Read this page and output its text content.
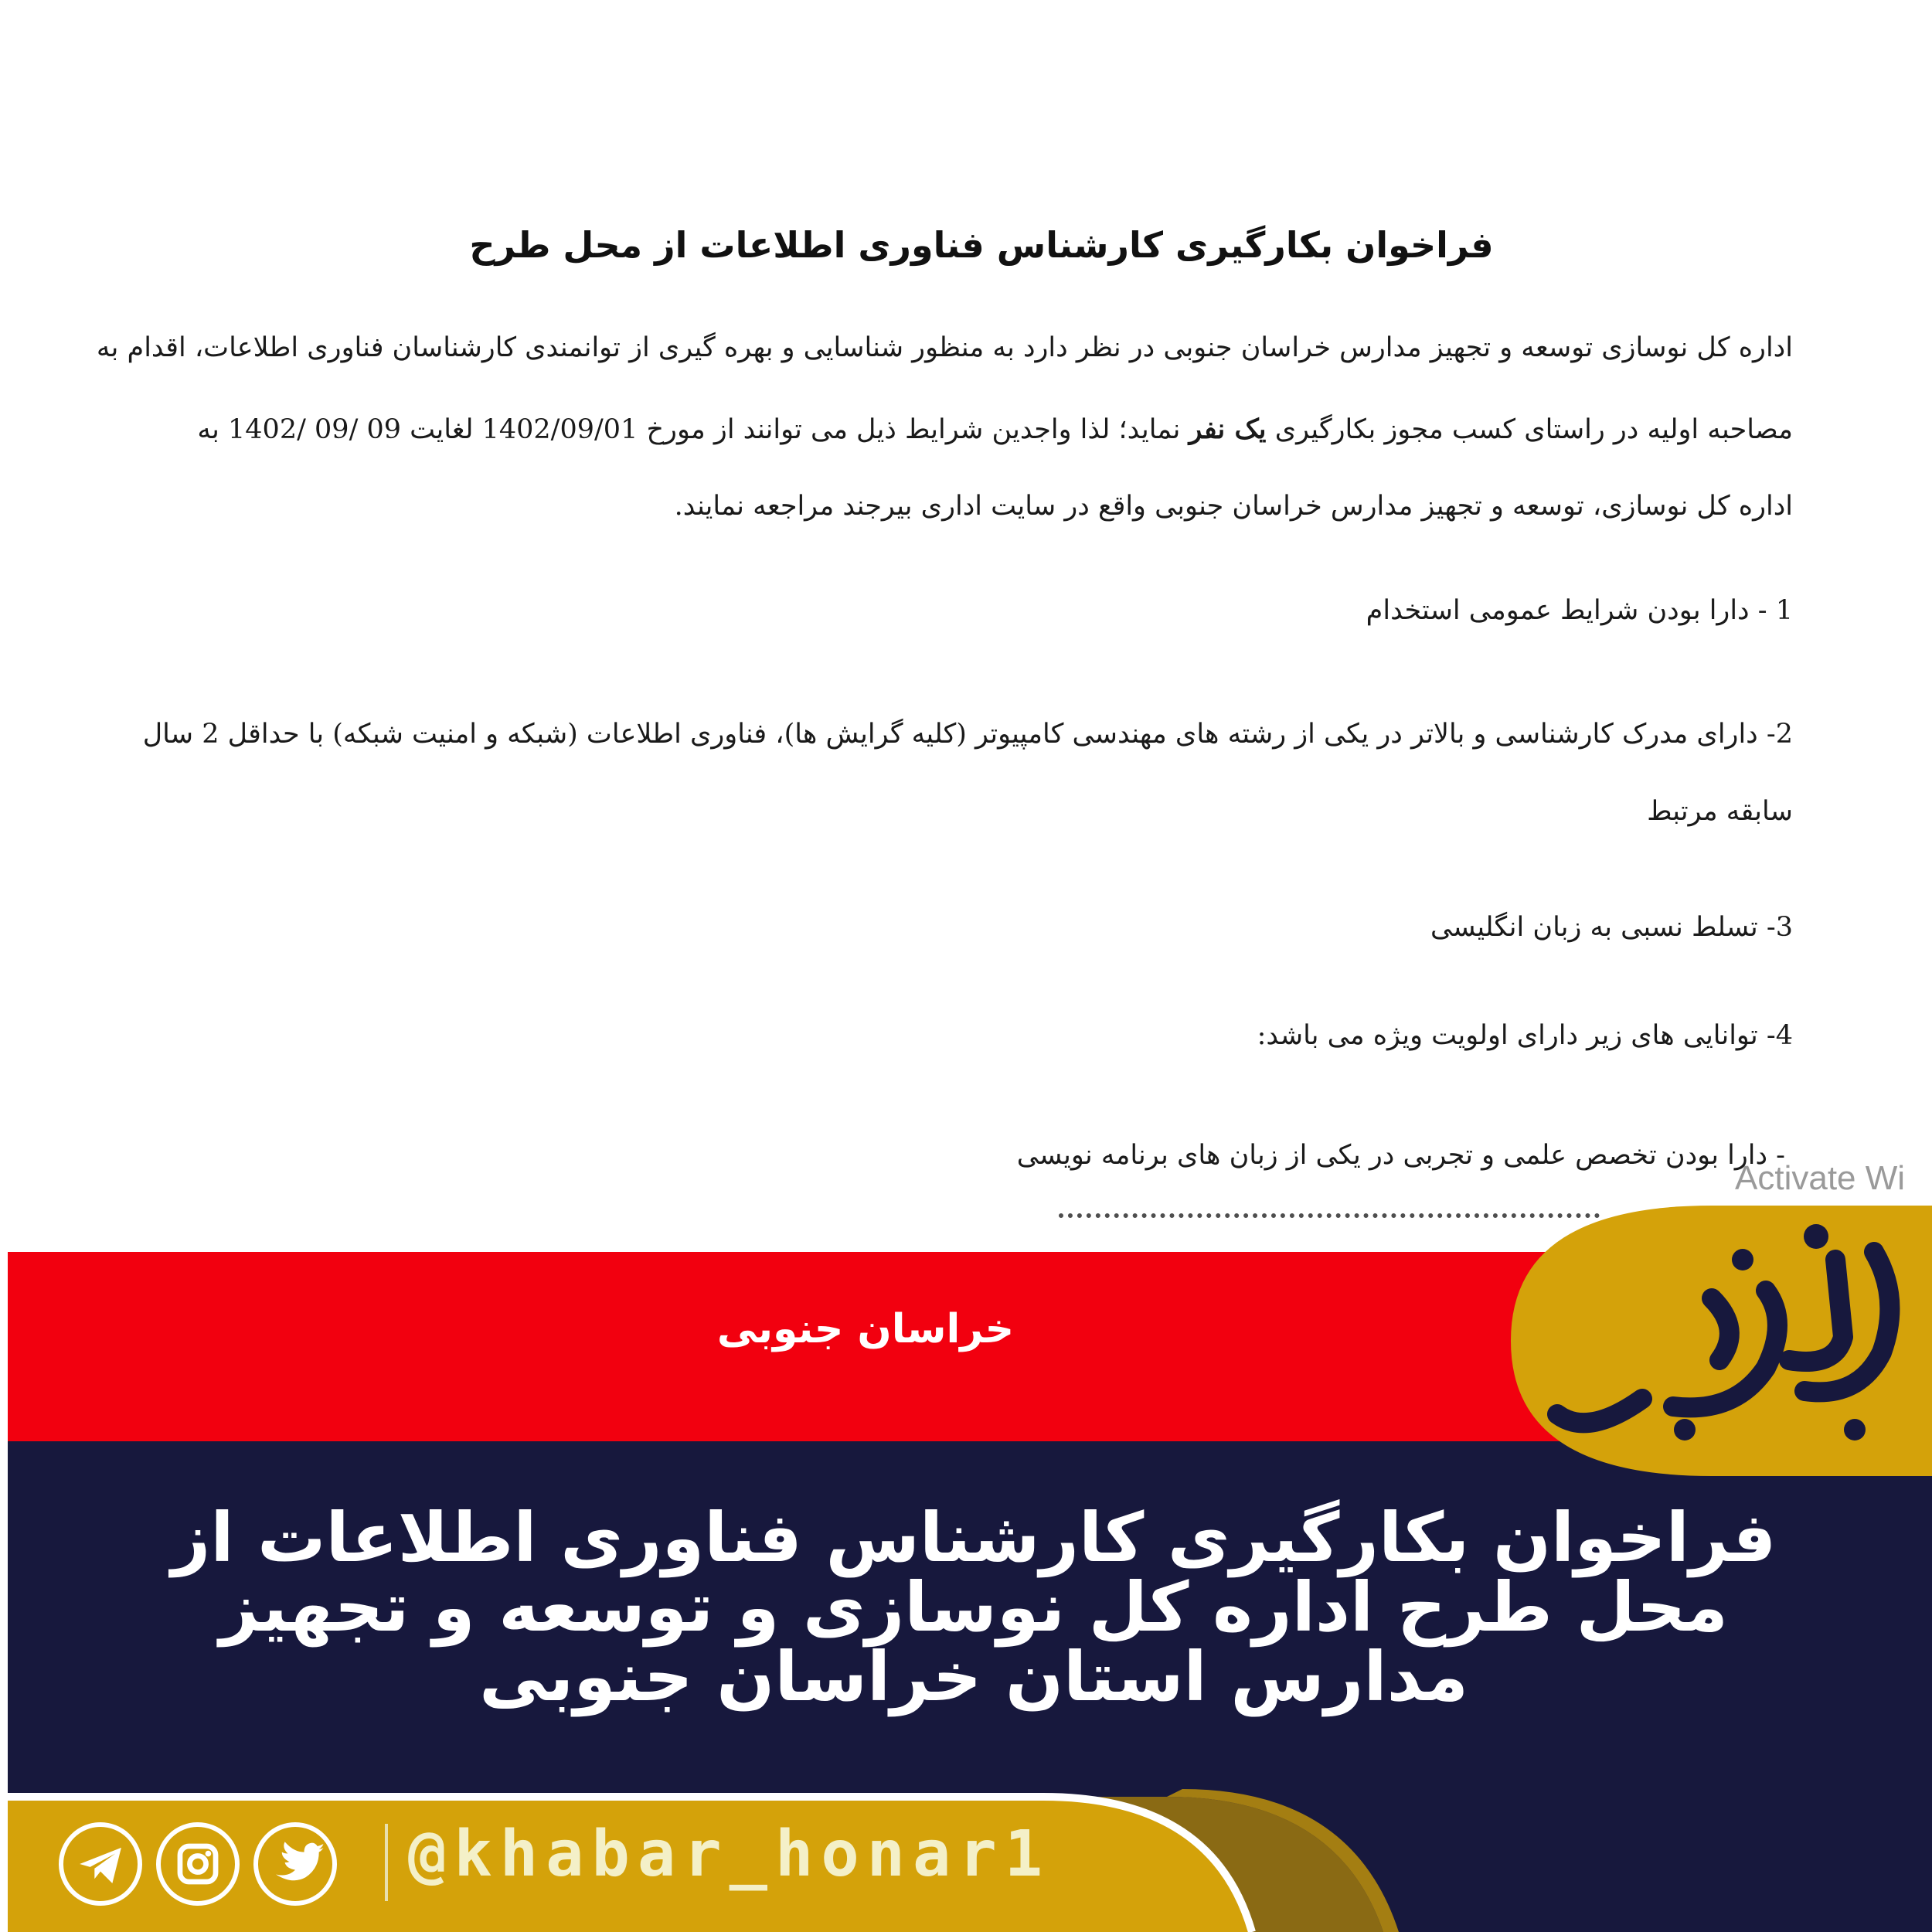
فراخوان بکارگیری کارشناس فناوری اطلاعات از محل طرح
اداره کل نوسازی توسعه و تجهیز مدارس خراسان جنوبی در نظر دارد به منظور شناسایی و بهره گیری از توانمندی کارشناسان فناوری اطلاعات، اقدام به
مصاحبه اولیه در راستای کسب مجوز بکارگیری یک نفر نماید؛ لذا واجدین شرایط ذیل می توانند از مورخ 1402/09/01 لغایت 09 /09 /1402 به
اداره کل نوسازی، توسعه و تجهیز مدارس خراسان جنوبی واقع در سایت اداری بیرجند مراجعه نمایند.
1 - دارا بودن شرایط عمومی استخدام
2- دارای مدرک کارشناسی و بالاتر در یکی از رشته های مهندسی کامپیوتر (کلیه گرایش ها)، فناوری اطلاعات (شبکه و امنیت شبکه) با حداقل 2 سال
سابقه مرتبط
3- تسلط نسبی به زبان انگلیسی
4- توانایی های زیر دارای اولویت ویژه می باشد:
- دارا بودن تخصص علمی و تجربی در یکی از زبان های برنامه نویسی
Activate Wi
خراسان جنوبی
فراخوان بکارگیری کارشناس فناوری اطلاعات از
محل طرح اداره کل نوسازی و توسعه و تجهیز
مدارس استان خراسان جنوبی
@khabar_honar1
